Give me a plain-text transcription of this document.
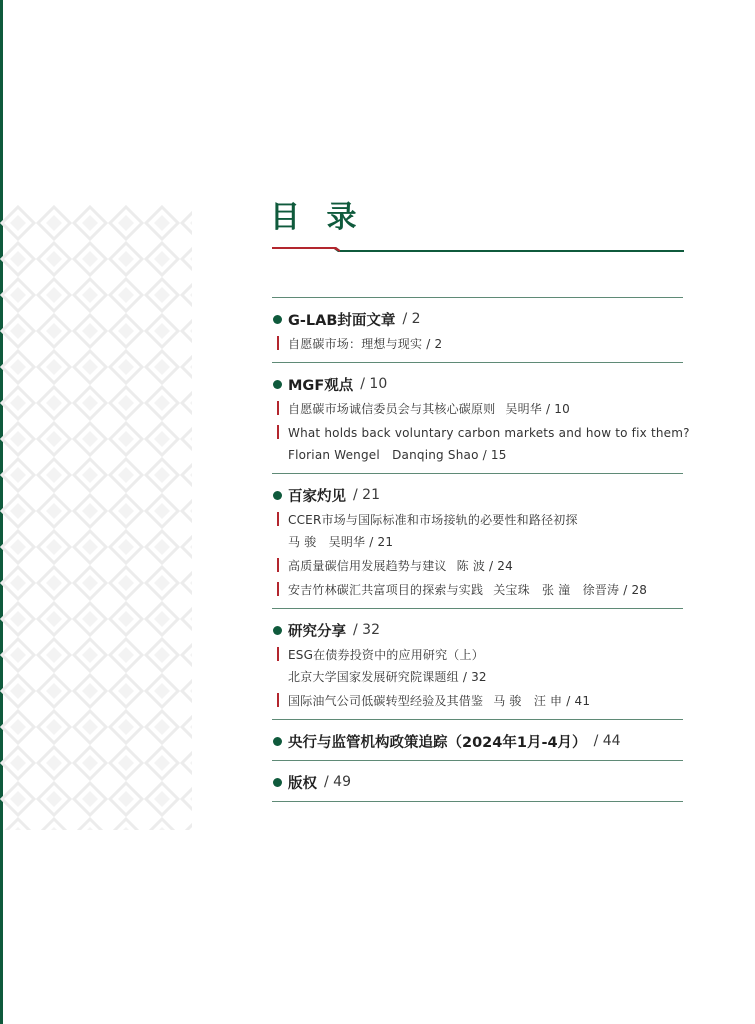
目 录
G-LAB封面文章 / 2
自愿碳市场：理想与现实 / 2
MGF观点 / 10
自愿碳市场诚信委员会与其核心碳原则 吴明华 / 10
What holds back voluntary carbon markets and how to fix them?
Florian Wengel　Danqing Shao / 15
百家灼见 / 21
CCER市场与国际标准和市场接轨的必要性和路径初探
马 骏　吴明华 / 21
高质量碳信用发展趋势与建议 陈 波 / 24
安吉竹林碳汇共富项目的探索与实践 关宝珠　张 潼　徐晋涛 / 28
研究分享 / 32
ESG在债券投资中的应用研究（上）
北京大学国家发展研究院课题组 / 32
国际油气公司低碳转型经验及其借鉴 马 骏　汪 申 / 41
央行与监管机构政策追踪（2024年1月-4月） / 44
版权 / 49
